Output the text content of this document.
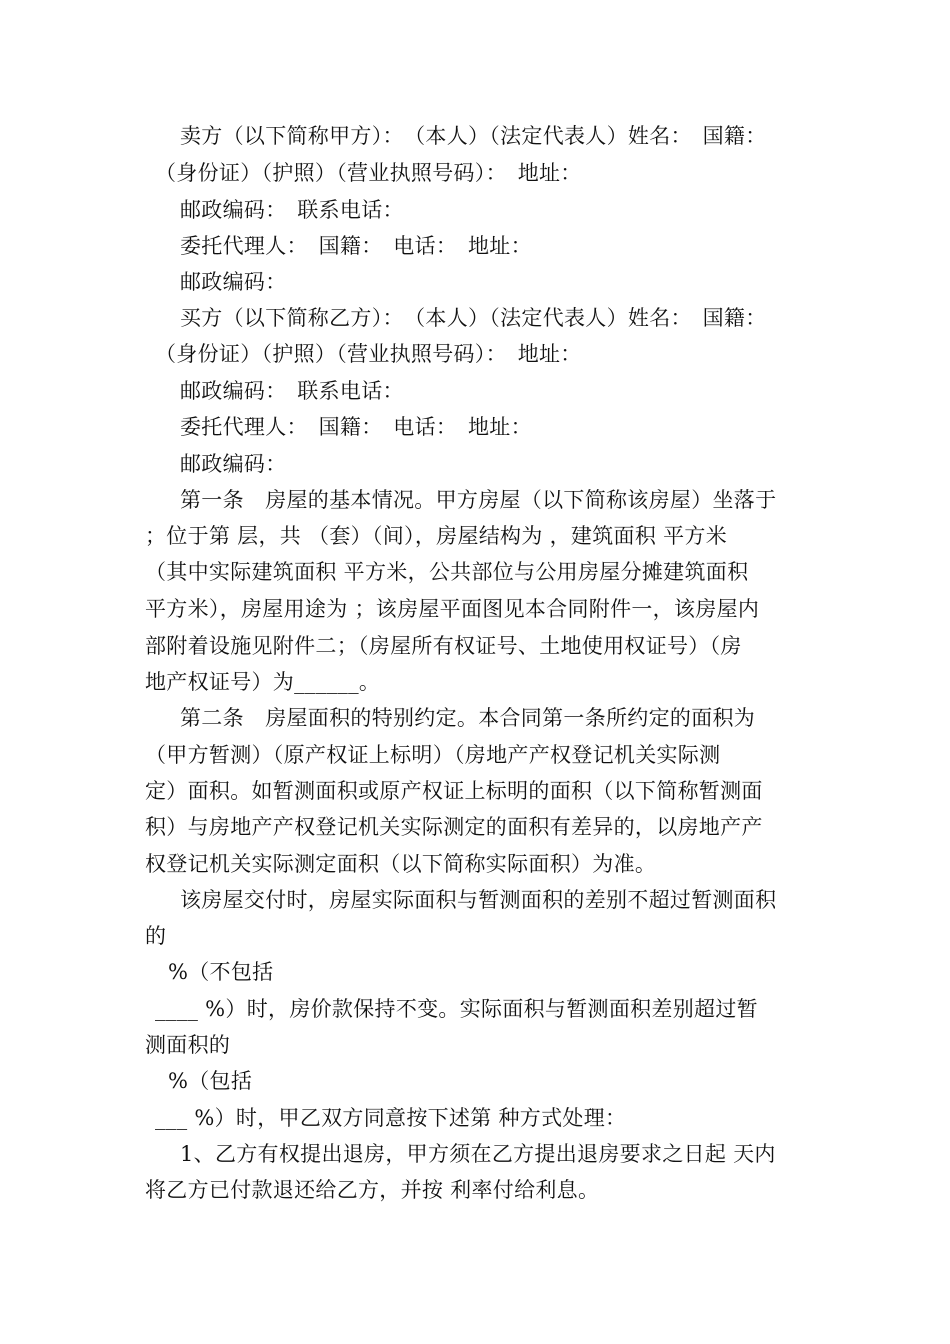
卖方（以下简称甲方）：　（本人）（法定代表人）姓名：　国籍：
（身份证）（护照）（营业执照号码）：　地址：
邮政编码：　联系电话：
委托代理人：　国籍：　电话：　地址：
邮政编码：
买方（以下简称乙方）：　（本人）（法定代表人）姓名：　国籍：
（身份证）（护照）（营业执照号码）：　地址：
邮政编码：　联系电话：
委托代理人：　国籍：　电话：　地址：
邮政编码：
第一条　房屋的基本情况。甲方房屋（以下简称该房屋）坐落于
；位于第 层，共 （套）（间），房屋结构为 ，建筑面积 平方米
（其中实际建筑面积 平方米，公共部位与公用房屋分摊建筑面积
平方米），房屋用途为 ；该房屋平面图见本合同附件一，该房屋内
部附着设施见附件二；（房屋所有权证号、土地使用权证号）（房
地产权证号）为______。
第二条　房屋面积的特别约定。本合同第一条所约定的面积为
（甲方暂测）（原产权证上标明）（房地产产权登记机关实际测
定）面积。如暂测面积或原产权证上标明的面积（以下简称暂测面
积）与房地产产权登记机关实际测定的面积有差异的，以房地产产
权登记机关实际测定面积（以下简称实际面积）为准。
该房屋交付时，房屋实际面积与暂测面积的差别不超过暂测面积
的
%（不包括
____ %）时，房价款保持不变。实际面积与暂测面积差别超过暂
测面积的
%（包括
___ %）时，甲乙双方同意按下述第 种方式处理：
1、乙方有权提出退房，甲方须在乙方提出退房要求之日起 天内
将乙方已付款退还给乙方，并按 利率付给利息。
